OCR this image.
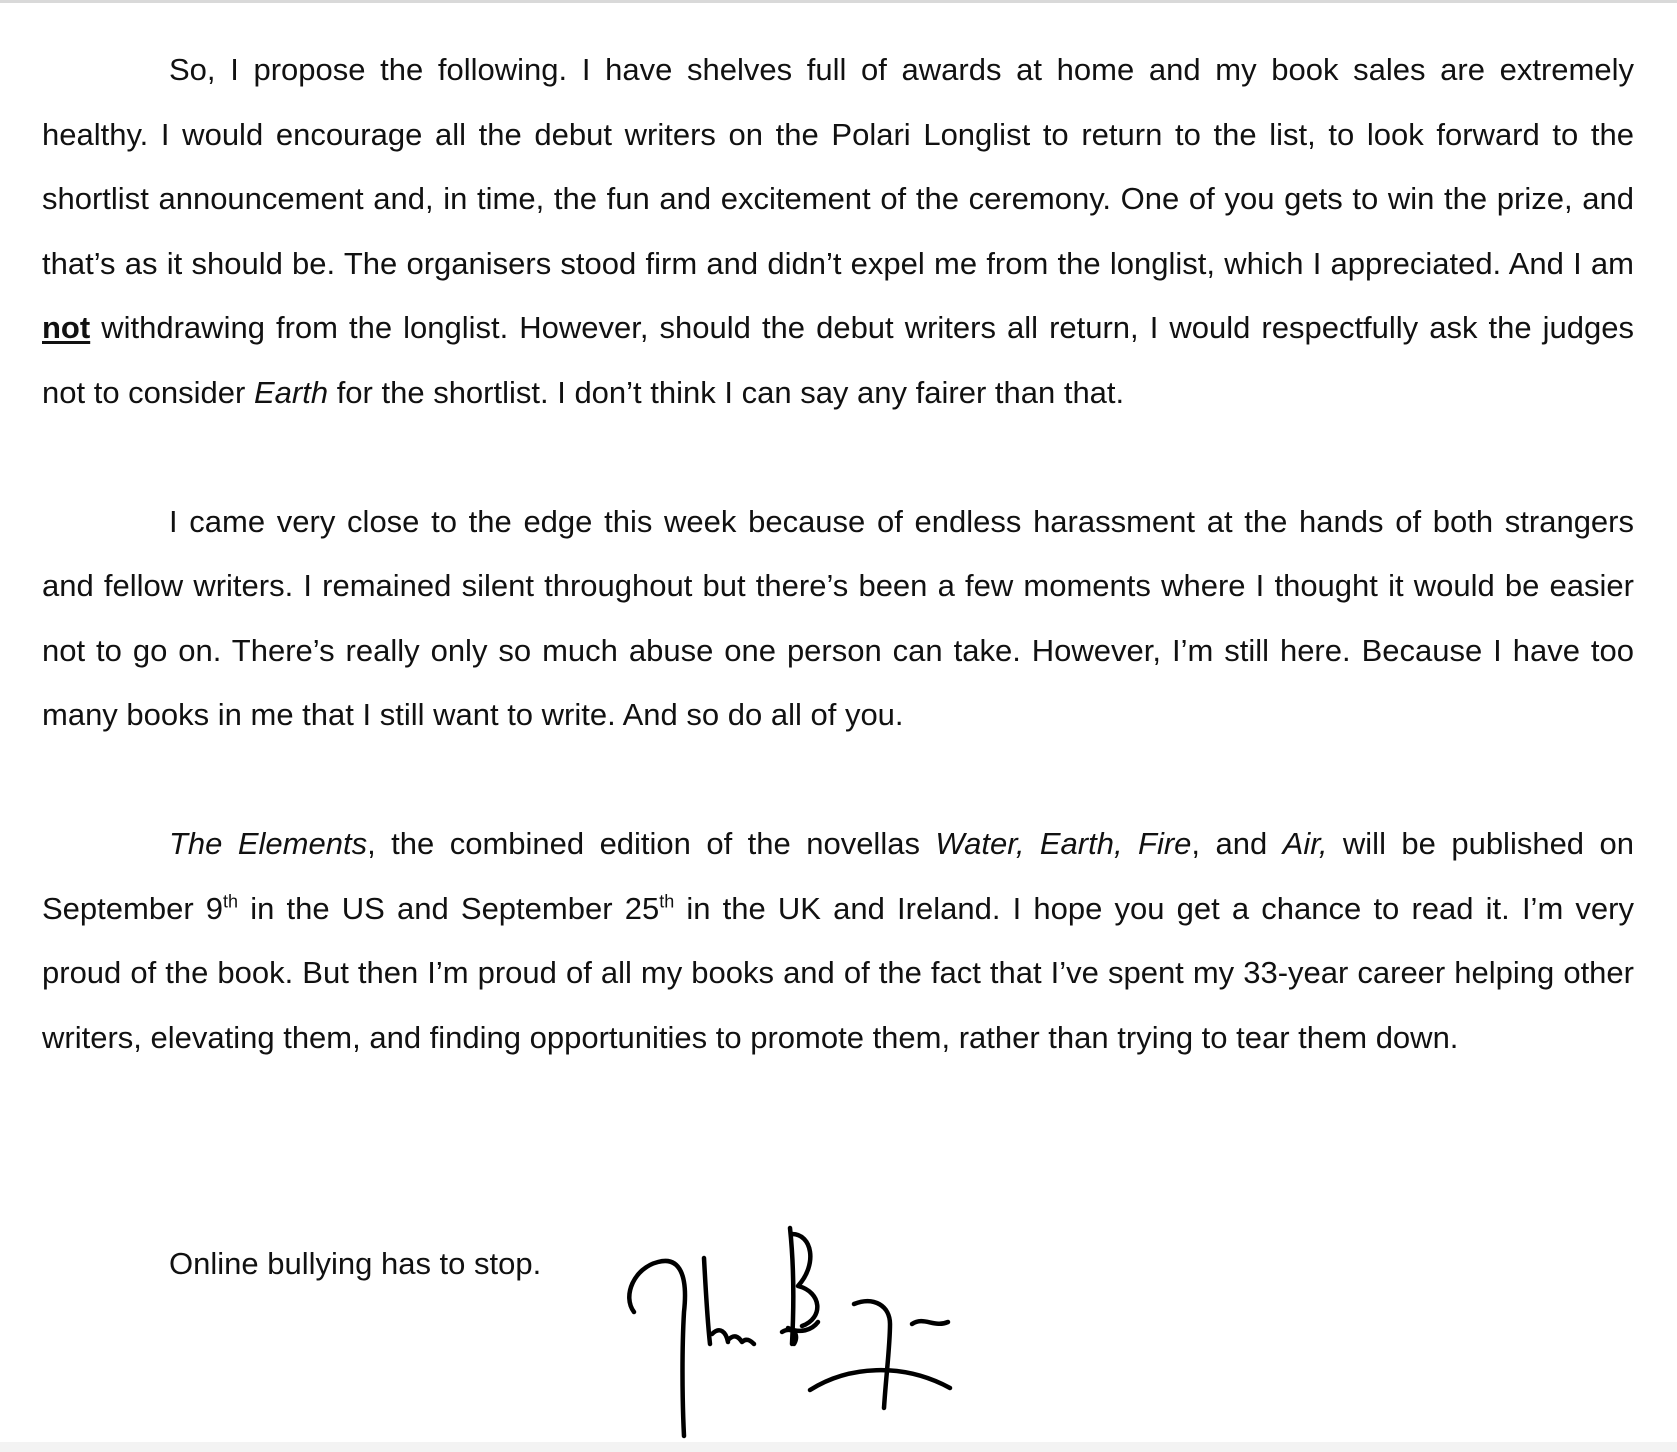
So, I propose the following. I have shelves full of awards at home and my book sales are extremely healthy. I would encourage all the debut writers on the Polari Longlist to return to the list, to look forward to the shortlist announcement and, in time, the fun and excitement of the ceremony. One of you gets to win the prize, and that’s as it should be. The organisers stood firm and didn’t expel me from the longlist, which I appreciated. And I am not withdrawing from the longlist. However, should the debut writers all return, I would respectfully ask the judges not to consider Earth for the shortlist. I don’t think I can say any fairer than that.

I came very close to the edge this week because of endless harassment at the hands of both strangers and fellow writers. I remained silent throughout but there’s been a few moments where I thought it would be easier not to go on. There’s really only so much abuse one person can take. However, I’m still here. Because I have too many books in me that I still want to write. And so do all of you.

The Elements, the combined edition of the novellas Water, Earth, Fire, and Air, will be published on September 9th in the US and September 25th in the UK and Ireland. I hope you get a chance to read it. I’m very proud of the book. But then I’m proud of all my books and of the fact that I’ve spent my 33-year career helping other writers, elevating them, and finding opportunities to promote them, rather than trying to tear them down.

Online bullying has to stop.
